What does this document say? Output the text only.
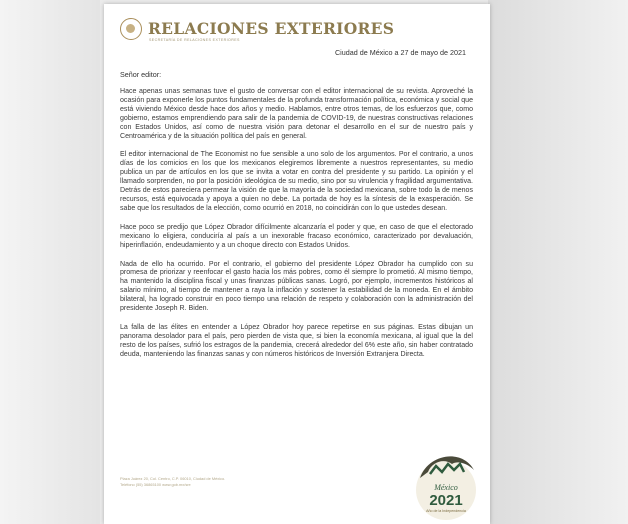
RELACIONES EXTERIORES
SECRETARÍA DE RELACIONES EXTERIORES
Ciudad de México a 27 de mayo de 2021
Señor editor:

Hace apenas unas semanas tuve el gusto de conversar con el editor internacional de su revista. Aproveché la ocasión para exponerle los puntos fundamentales de la profunda transformación política, económica y social que está viviendo México desde hace dos años y medio. Hablamos, entre otros temas, de los esfuerzos que, como gobierno, estamos emprendiendo para salir de la pandemia de COVID-19, de nuestras constructivas relaciones con Estados Unidos, así como de nuestra visión para detonar el desarrollo en el sur de nuestro país y Centroamérica y de la situación política del país en general.

El editor internacional de The Economist no fue sensible a uno solo de los argumentos. Por el contrario, a unos días de los comicios en los que los mexicanos elegiremos libremente a nuestros representantes, su medio publica un par de artículos en los que se invita a votar en contra del presidente y su partido. La opinión y el llamado sorprenden, no por la posición ideológica de su medio, sino por su virulencia y fragilidad argumentativa. Detrás de estos pareciera permear la visión de que la mayoría de la sociedad mexicana, sobre todo la de menos recursos, está equivocada y apoya a quien no debe. La portada de hoy es la síntesis de la exasperación. Se sabe que los resultados de la elección, como ocurrió en 2018, no coincidirán con lo que ustedes desean.

Hace poco se predijo que López Obrador difícilmente alcanzaría el poder y que, en caso de que el electorado mexicano lo eligiera, conduciría al país a un inexorable fracaso económico, caracterizado por devaluación, hiperinflación, endeudamiento y a un choque directo con Estados Unidos.

Nada de ello ha ocurrido. Por el contrario, el gobierno del presidente López Obrador ha cumplido con su promesa de priorizar y reenfocar el gasto hacia los más pobres, como él siempre lo prometió. Al mismo tiempo, ha mantenido la disciplina fiscal y unas finanzas públicas sanas. Logró, por ejemplo, incrementos históricos al salario mínimo, al tiempo de mantener a raya la inflación y sostener la estabilidad de la moneda. En el ámbito bilateral, ha logrado construir en poco tiempo una relación de respeto y colaboración con la administración del presidente Joseph R. Biden.

La falla de las élites en entender a López Obrador hoy parece repetirse en sus páginas. Estas dibujan un panorama desolador para el país, pero pierden de vista que, si bien la economía mexicana, al igual que la del resto de los países, sufrió los estragos de la pandemia, crecerá alrededor del 6% este año, sin haber contratado deuda, manteniendo las finanzas sanas y con números históricos de Inversión Extranjera Directa.

Plaza Juárez 20, Col. Centro, C.P. 06010, Ciudad de México.
Teléfono (55) 36865100 www.gob.mx/sre	México
2021
Año de la Independencia
